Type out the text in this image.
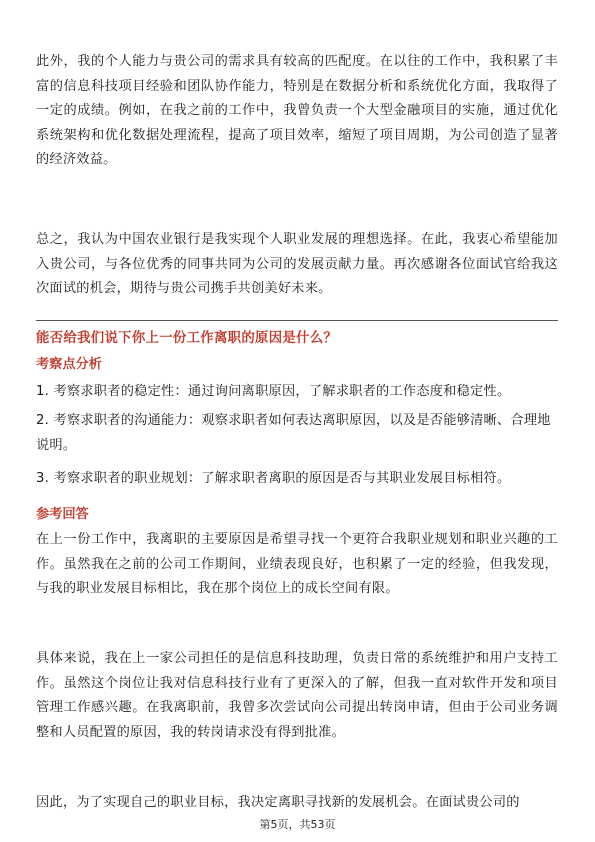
此外，我的个人能力与贵公司的需求具有较高的匹配度。在以往的工作中，我积累了丰富的信息科技项目经验和团队协作能力，特别是在数据分析和系统优化方面，我取得了一定的成绩。例如，在我之前的工作中，我曾负责一个大型金融项目的实施，通过优化系统架构和优化数据处理流程，提高了项目效率，缩短了项目周期，为公司创造了显著的经济效益。

总之，我认为中国农业银行是我实现个人职业发展的理想选择。在此，我衷心希望能加入贵公司，与各位优秀的同事共同为公司的发展贡献力量。再次感谢各位面试官给我这次面试的机会，期待与贵公司携手共创美好未来。

能否给我们说下你上一份工作离职的原因是什么？

考察点分析

1. 考察求职者的稳定性：通过询问离职原因，了解求职者的工作态度和稳定性。

2. 考察求职者的沟通能力：观察求职者如何表达离职原因，以及是否能够清晰、合理地说明。

3. 考察求职者的职业规划：了解求职者离职的原因是否与其职业发展目标相符。

参考回答

在上一份工作中，我离职的主要原因是希望寻找一个更符合我职业规划和职业兴趣的工作。虽然我在之前的公司工作期间，业绩表现良好，也积累了一定的经验，但我发现，与我的职业发展目标相比，我在那个岗位上的成长空间有限。

具体来说，我在上一家公司担任的是信息科技助理，负责日常的系统维护和用户支持工作。虽然这个岗位让我对信息科技行业有了更深入的了解，但我一直对软件开发和项目管理工作感兴趣。在我离职前，我曾多次尝试向公司提出转岗申请，但由于公司业务调整和人员配置的原因，我的转岗请求没有得到批准。

因此，为了实现自己的职业目标，我决定离职寻找新的发展机会。在面试贵公司的

第5页，共53页
